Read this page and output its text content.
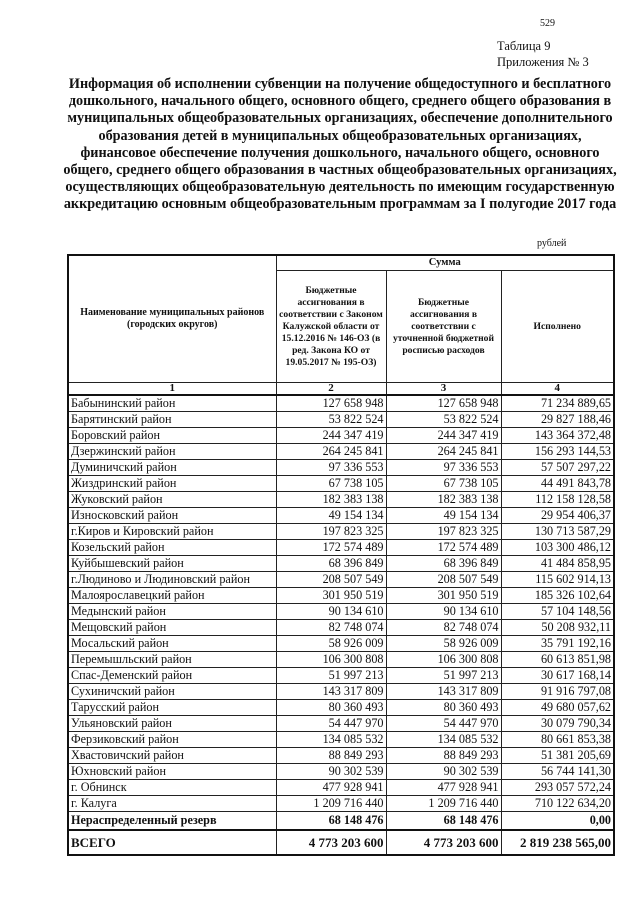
529
Таблица 9
Приложения № 3
Информация об исполнении субвенции на получение общедоступного и бесплатного дошкольного, начального общего, основного общего, среднего общего образования в муниципальных общеобразовательных организациях, обеспечение дополнительного образования детей в муниципальных общеобразовательных организациях, финансовое обеспечение получения дошкольного, начального общего, основного общего, среднего общего образования в частных общеобразовательных организациях, осуществляющих общеобразовательную деятельность по имеющим государственную аккредитацию основным общеобразовательным программам за I полугодие 2017 года
рублей
Наименование муниципальных районов (городских округов)	Сумма		
	Бюджетные ассигнования в соответствии с Законом Калужской области от 15.12.2016 № 146-ОЗ (в ред. Закона КО от 19.05.2017 № 195-ОЗ)	Бюджетные ассигнования в соответствии с уточненной бюджетной росписью расходов	Исполнено
1	2	3	4
Бабынинский район	127 658 948	127 658 948	71 234 889,65
Барятинский район	53 822 524	53 822 524	29 827 188,46
Боровский район	244 347 419	244 347 419	143 364 372,48
Дзержинский район	264 245 841	264 245 841	156 293 144,53
Думиничский район	97 336 553	97 336 553	57 507 297,22
Жиздринский район	67 738 105	67 738 105	44 491 843,78
Жуковский район	182 383 138	182 383 138	112 158 128,58
Износковский район	49 154 134	49 154 134	29 954 406,37
г.Киров и Кировский район	197 823 325	197 823 325	130 713 587,29
Козельский район	172 574 489	172 574 489	103 300 486,12
Куйбышевский район	68 396 849	68 396 849	41 484 858,95
г.Людиново и Людиновский район	208 507 549	208 507 549	115 602 914,13
Малоярославецкий район	301 950 519	301 950 519	185 326 102,64
Медынский район	90 134 610	90 134 610	57 104 148,56
Мещовский район	82 748 074	82 748 074	50 208 932,11
Мосальский район	58 926 009	58 926 009	35 791 192,16
Перемышльский район	106 300 808	106 300 808	60 613 851,98
Спас-Деменский район	51 997 213	51 997 213	30 617 168,14
Сухиничский район	143 317 809	143 317 809	91 916 797,08
Тарусский район	80 360 493	80 360 493	49 680 057,62
Ульяновский район	54 447 970	54 447 970	30 079 790,34
Ферзиковский район	134 085 532	134 085 532	80 661 853,38
Хвастовичский район	88 849 293	88 849 293	51 381 205,69
Юхновский район	90 302 539	90 302 539	56 744 141,30
г. Обнинск	477 928 941	477 928 941	293 057 572,24
г. Калуга	1 209 716 440	1 209 716 440	710 122 634,20
Нераспределенный резерв	68 148 476	68 148 476	0,00
ВСЕГО	4 773 203 600	4 773 203 600	2 819 238 565,00
